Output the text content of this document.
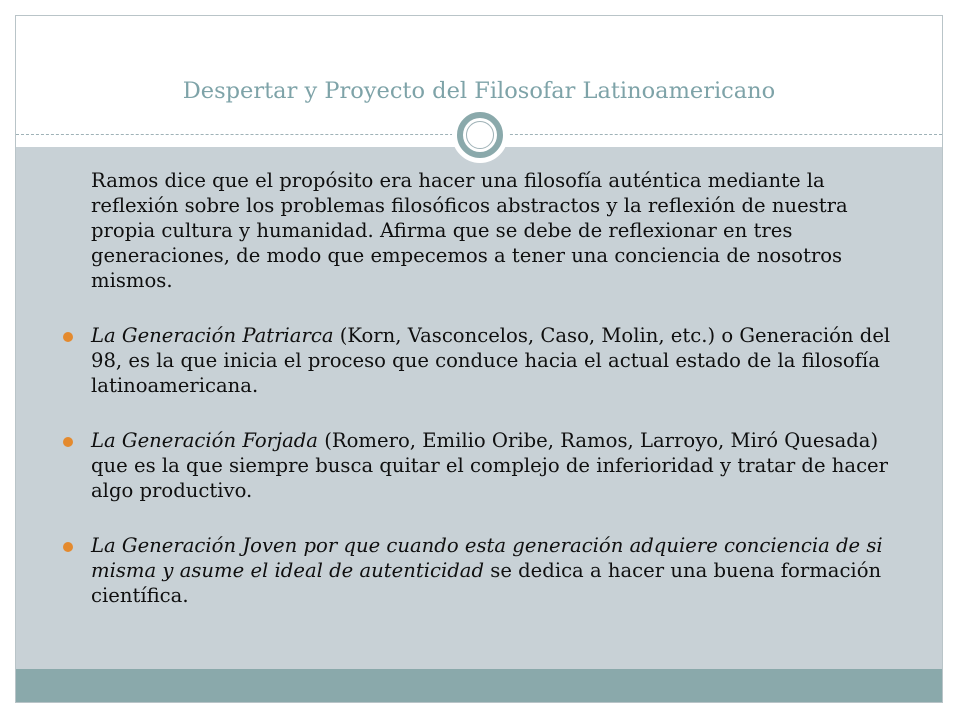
Despertar y Proyecto del Filosofar Latinoamericano

Ramos dice que el propósito era hacer una filosofía auténtica mediante la reflexión sobre los problemas filosóficos abstractos y la reflexión de nuestra propia cultura y humanidad. Afirma que se debe de reflexionar en tres generaciones, de modo que empecemos a tener una conciencia de nosotros mismos.

La Generación Patriarca (Korn, Vasconcelos, Caso, Molin, etc.) o Generación del 98, es la que inicia el proceso que conduce hacia el actual estado de la filosofía latinoamericana.
La Generación Forjada (Romero, Emilio Oribe, Ramos, Larroyo, Miró Quesada) que es la que siempre busca quitar el complejo de inferioridad y tratar de hacer algo productivo.
La Generación Joven por que cuando esta generación adquiere conciencia de si misma y asume el ideal de autenticidad se dedica a hacer una buena formación científica.
